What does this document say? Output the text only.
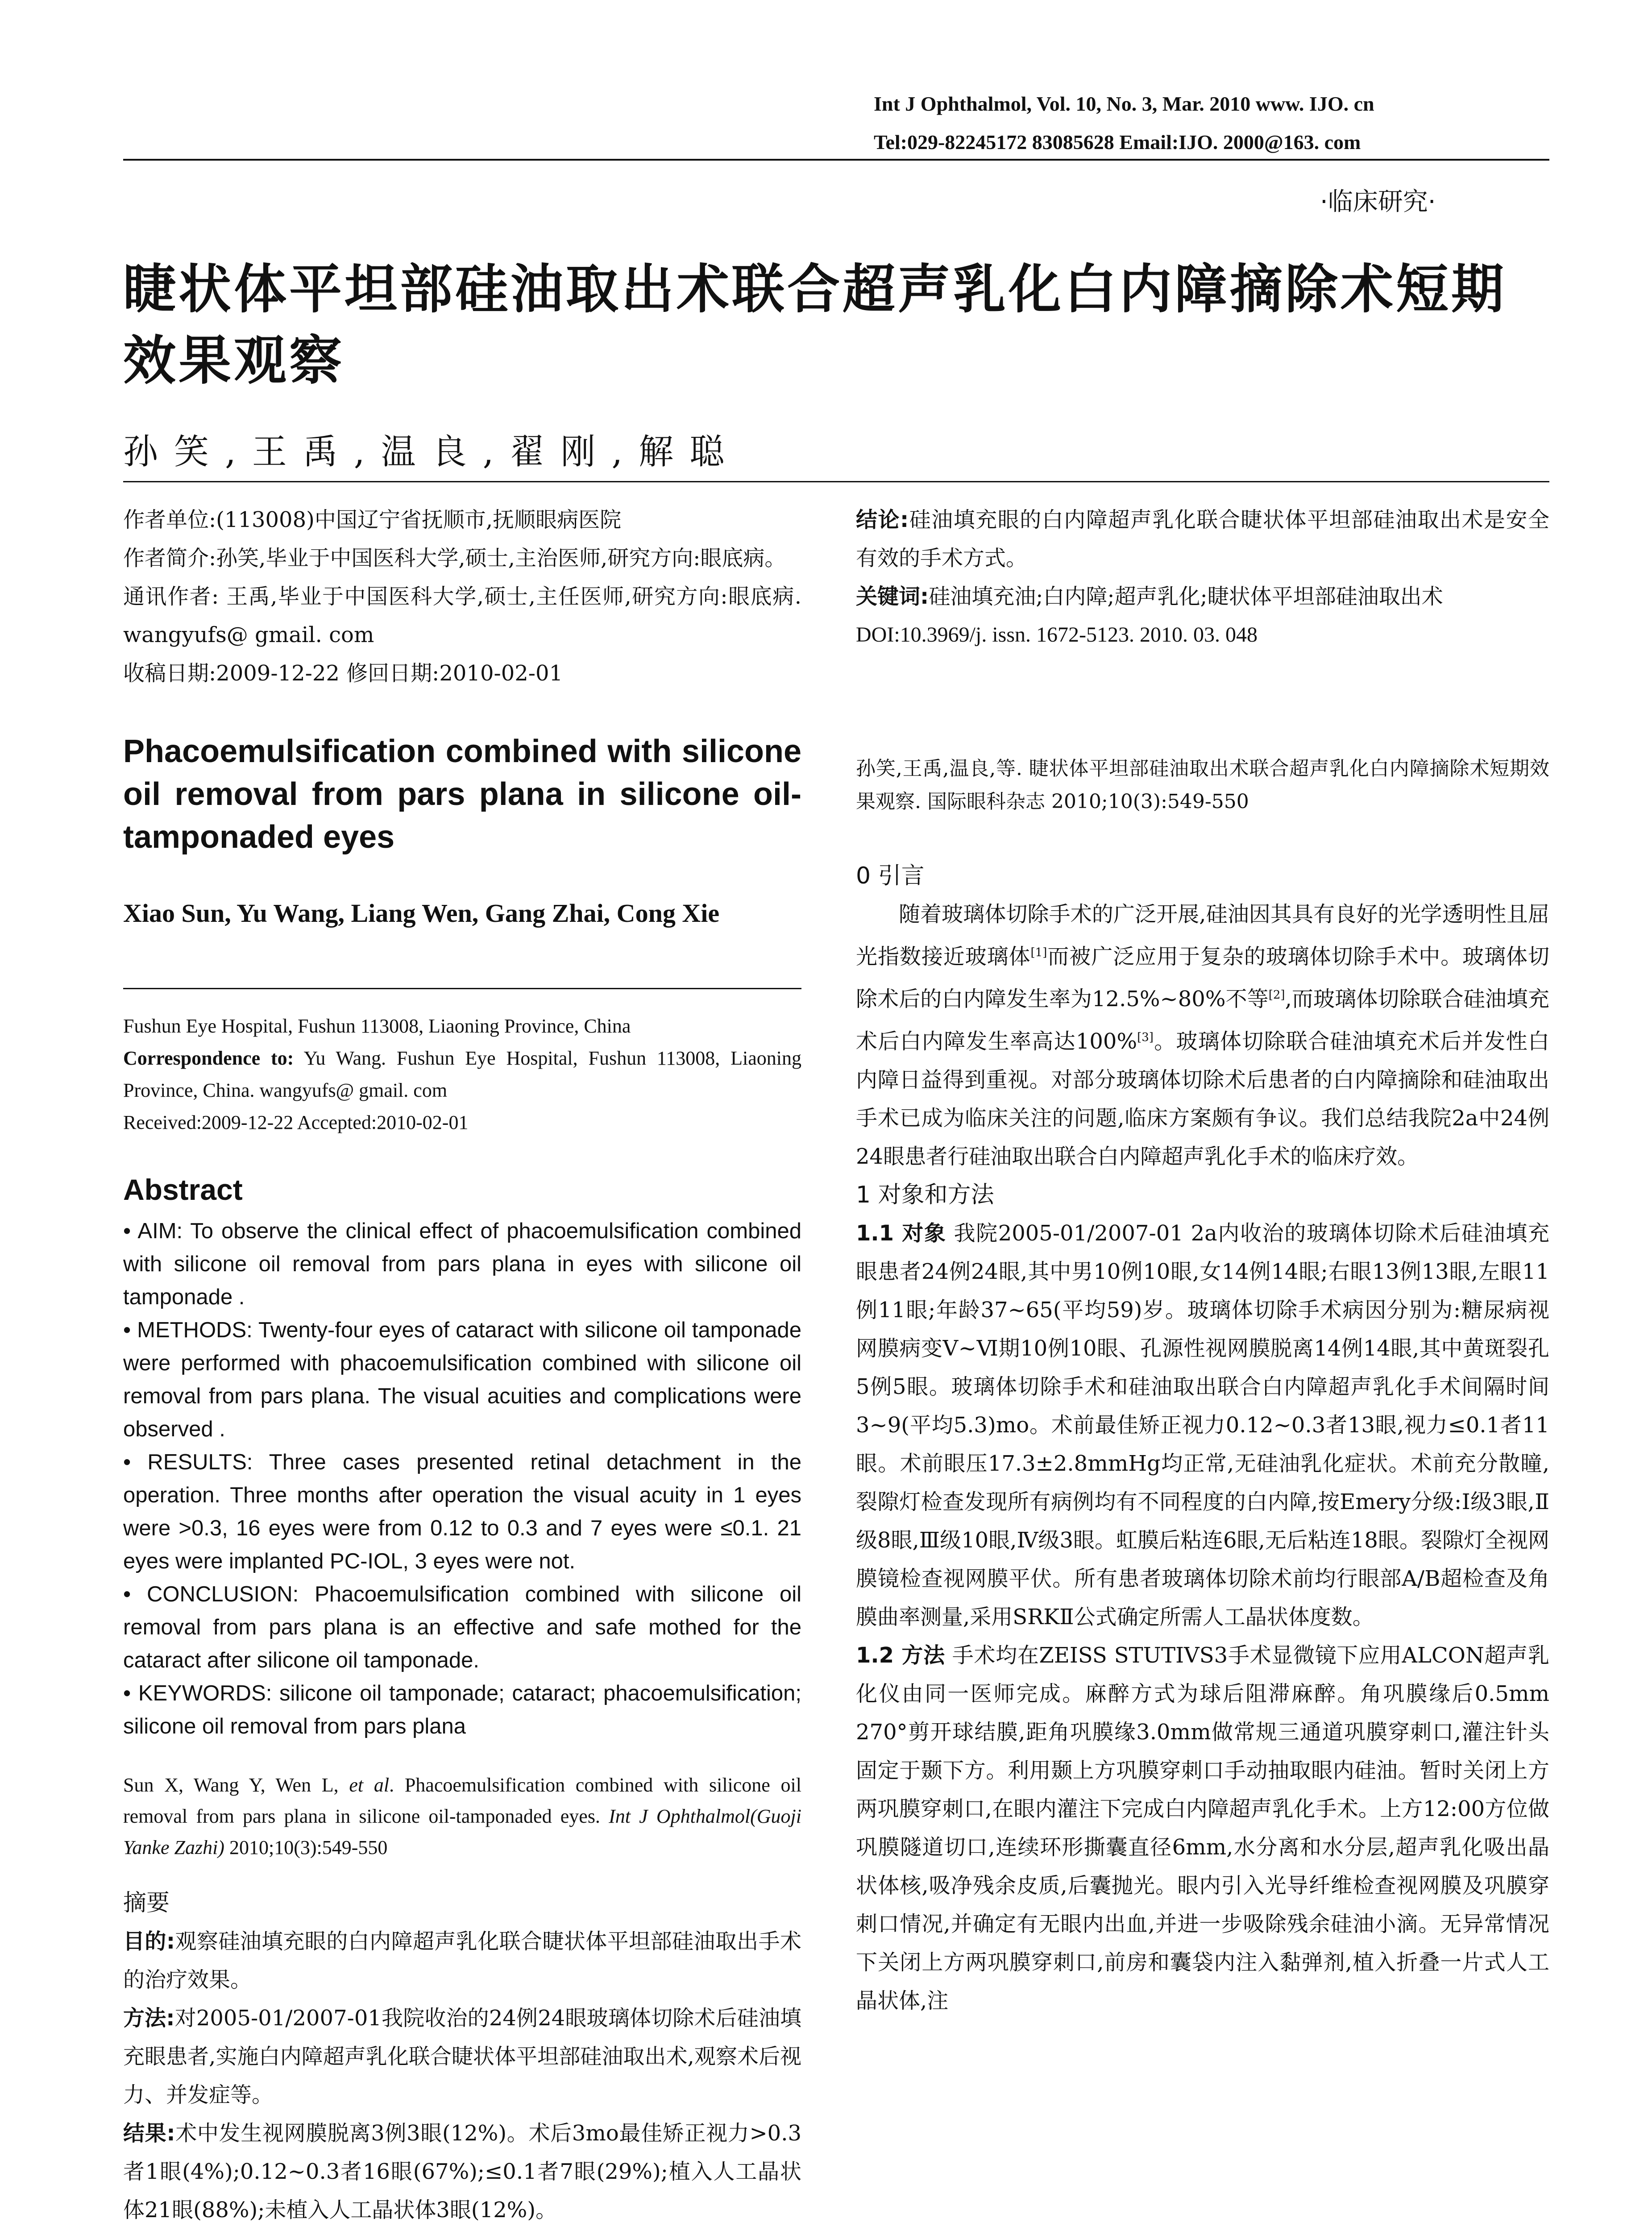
Int J Ophthalmol, Vol. 10, No. 3, Mar. 2010 www. IJO. cn
Tel:029-82245172 83085628 Email:IJO. 2000@163. com
·临床研究·
睫状体平坦部硅油取出术联合超声乳化白内障摘除术短期效果观察
孙笑,王禹,温良,翟刚,解聪

作者单位:(113008)中国辽宁省抚顺市,抚顺眼病医院

作者简介:孙笑,毕业于中国医科大学,硕士,主治医师,研究方向:眼底病。

通讯作者: 王禹,毕业于中国医科大学,硕士,主任医师,研究方向:眼底病. wangyufs@ gmail. com

收稿日期:2009-12-22 修回日期:2010-02-01

Phacoemulsification combined with silicone oil removal from pars plana in silicone oil-tamponaded eyes
Xiao Sun, Yu Wang, Liang Wen, Gang Zhai, Cong Xie
Fushun Eye Hospital, Fushun 113008, Liaoning Province, China
Correspondence to: Yu Wang. Fushun Eye Hospital, Fushun 113008, Liaoning Province, China. wangyufs@ gmail. com
Received:2009-12-22 Accepted:2010-02-01
Abstract
• AIM: To observe the clinical effect of phacoemulsification combined with silicone oil removal from pars plana in eyes with silicone oil tamponade .
• METHODS: Twenty-four eyes of cataract with silicone oil tamponade were performed with phacoemulsification combined with silicone oil removal from pars plana. The visual acuities and complications were observed .
• RESULTS: Three cases presented retinal detachment in the operation. Three months after operation the visual acuity in 1 eyes were >0.3, 16 eyes were from 0.12 to 0.3 and 7 eyes were ≤0.1. 21 eyes were implanted PC-IOL, 3 eyes were not.
• CONCLUSION: Phacoemulsification combined with silicone oil removal from pars plana is an effective and safe mothed for the cataract after silicone oil tamponade.
• KEYWORDS: silicone oil tamponade; cataract; phacoemulsification; silicone oil removal from pars plana
Sun X, Wang Y, Wen L, et al. Phacoemulsification combined with silicone oil removal from pars plana in silicone oil-tamponaded eyes. Int J Ophthalmol(Guoji Yanke Zazhi) 2010;10(3):549-550
摘要

目的:观察硅油填充眼的白内障超声乳化联合睫状体平坦部硅油取出手术的治疗效果。

方法:对2005-01/2007-01我院收治的24例24眼玻璃体切除术后硅油填充眼患者,实施白内障超声乳化联合睫状体平坦部硅油取出术,观察术后视力、并发症等。

结果:术中发生视网膜脱离3例3眼(12%)。术后3mo最佳矫正视力>0.3者1眼(4%);0.12~0.3者16眼(67%);≤0.1者7眼(29%);植入人工晶状体21眼(88%);未植入人工晶状体3眼(12%)。

结论:硅油填充眼的白内障超声乳化联合睫状体平坦部硅油取出术是安全有效的手术方式。

关键词:硅油填充油;白内障;超声乳化;睫状体平坦部硅油取出术

DOI:10.3969/j. issn. 1672-5123. 2010. 03. 048

孙笑,王禹,温良,等. 睫状体平坦部硅油取出术联合超声乳化白内障摘除术短期效果观察. 国际眼科杂志 2010;10(3):549-550
0 引言

随着玻璃体切除手术的广泛开展,硅油因其具有良好的光学透明性且屈光指数接近玻璃体[1]而被广泛应用于复杂的玻璃体切除手术中。玻璃体切除术后的白内障发生率为12.5%~80%不等[2],而玻璃体切除联合硅油填充术后白内障发生率高达100%[3]。玻璃体切除联合硅油填充术后并发性白内障日益得到重视。对部分玻璃体切除术后患者的白内障摘除和硅油取出手术已成为临床关注的问题,临床方案颇有争议。我们总结我院2a中24例24眼患者行硅油取出联合白内障超声乳化手术的临床疗效。

1 对象和方法

1.1 对象 我院2005-01/2007-01 2a内收治的玻璃体切除术后硅油填充眼患者24例24眼,其中男10例10眼,女14例14眼;右眼13例13眼,左眼11例11眼;年龄37~65(平均59)岁。玻璃体切除手术病因分别为:糖尿病视网膜病变Ⅴ~Ⅵ期10例10眼、孔源性视网膜脱离14例14眼,其中黄斑裂孔5例5眼。玻璃体切除手术和硅油取出联合白内障超声乳化手术间隔时间3~9(平均5.3)mo。术前最佳矫正视力0.12~0.3者13眼,视力≤0.1者11眼。术前眼压17.3±2.8mmHg均正常,无硅油乳化症状。术前充分散瞳,裂隙灯检查发现所有病例均有不同程度的白内障,按Emery分级:Ⅰ级3眼,Ⅱ级8眼,Ⅲ级10眼,Ⅳ级3眼。虹膜后粘连6眼,无后粘连18眼。裂隙灯全视网膜镜检查视网膜平伏。所有患者玻璃体切除术前均行眼部A/B超检查及角膜曲率测量,采用SRKⅡ公式确定所需人工晶状体度数。

1.2 方法 手术均在ZEISS STUTIVS3手术显微镜下应用ALCON超声乳化仪由同一医师完成。麻醉方式为球后阻滞麻醉。角巩膜缘后0.5mm 270°剪开球结膜,距角巩膜缘3.0mm做常规三通道巩膜穿刺口,灌注针头固定于颞下方。利用颞上方巩膜穿刺口手动抽取眼内硅油。暂时关闭上方两巩膜穿刺口,在眼内灌注下完成白内障超声乳化手术。上方12:00方位做巩膜隧道切口,连续环形撕囊直径6mm,水分离和水分层,超声乳化吸出晶状体核,吸净残余皮质,后囊抛光。眼内引入光导纤维检查视网膜及巩膜穿刺口情况,并确定有无眼内出血,并进一步吸除残余硅油小滴。无异常情况下关闭上方两巩膜穿刺口,前房和囊袋内注入黏弹剂,植入折叠一片式人工晶状体,注
